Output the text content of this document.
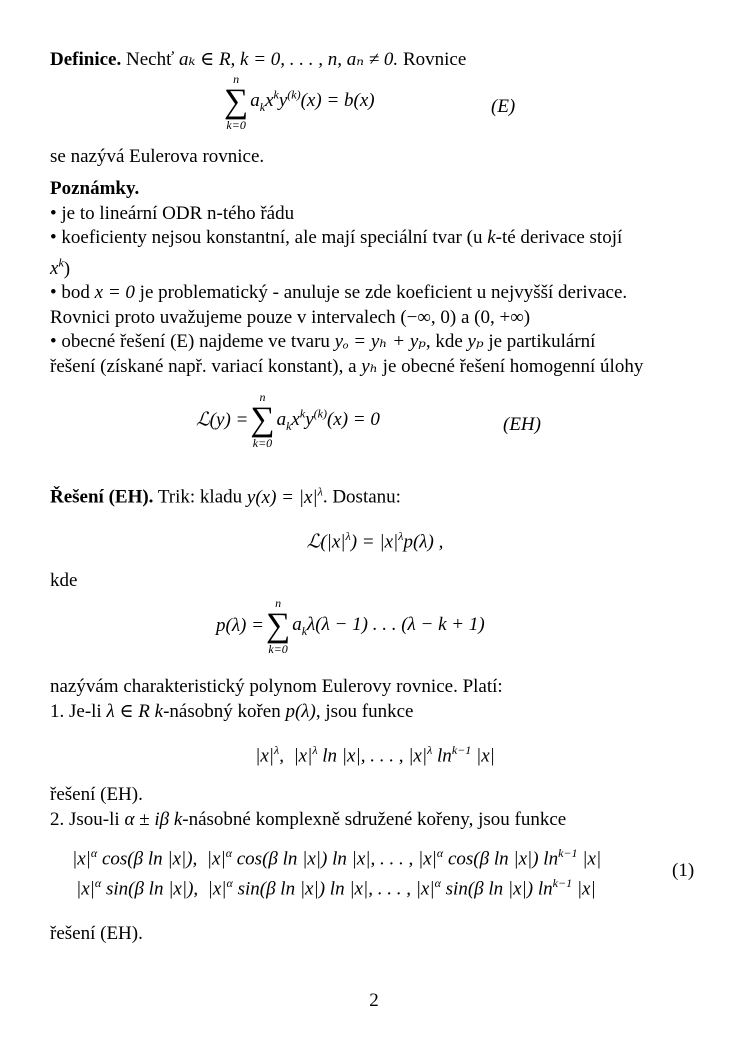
Definice. Nechť aₖ ∈ R, k = 0, . . . , n, aₙ ≠ 0. Rovnice

n
∑
k=0
$a_kx^ky^{(k)}(x) = b(x)$	(E)

se nazývá Eulerova rovnice.

Poznámky.

• je to lineární ODR n-tého řádu

• koeficienty nejsou konstantní, ale mají speciální tvar (u k-té derivace stojí
$x^k$)

• bod x = 0 je problematický - anuluje se zde koeficient u nejvyšší derivace.

Rovnici proto uvažujeme pouze v intervalech (−∞, 0) a (0, +∞)

• obecné řešení (E) najdeme ve tvaru yₒ = yₕ + yₚ, kde yₚ je partikulární

řešení (získané např. variací konstant), a yₕ je obecné řešení homogenní úlohy

ℒ(y) =
n
∑
k=0
$a_kx^ky^{(k)}(x) = 0$	(EH)

Řešení (EH). Trik: kladu $y(x) = |x|^\lambda$. Dostanu:

$ℒ(|x|^\lambda) = |x|^\lambda p(\lambda)$ ,

kde

p(λ) =
n
∑
k=0
$a_k\lambda(\lambda - 1)$ . . . (λ − k + 1)

nazývám charakteristický polynom Eulerovy rovnice. Platí:

1. Je-li λ ∈ R k-násobný kořen p(λ), jsou funkce

$|x|^\lambda$,  $|x|^\lambda$ ln |x|, . . . , $|x|^\lambda$ $\ln^{k-1} |x|$

řešení (EH).

2. Jsou-li α ± iβ k-násobné komplexně sdružené kořeny, jsou funkce

$|x|^\alpha$ cos(β ln |x|),  $|x|^\alpha$ cos(β ln |x|) ln |x|, . . . , $|x|^\alpha$ cos(β ln |x|) $\ln^{k-1} |x|$
$|x|^\alpha$ sin(β ln |x|),  $|x|^\alpha$ sin(β ln |x|) ln |x|, . . . , $|x|^\alpha$ sin(β ln |x|) $\ln^{k-1} |x|$
(1)

řešení (EH).

2
